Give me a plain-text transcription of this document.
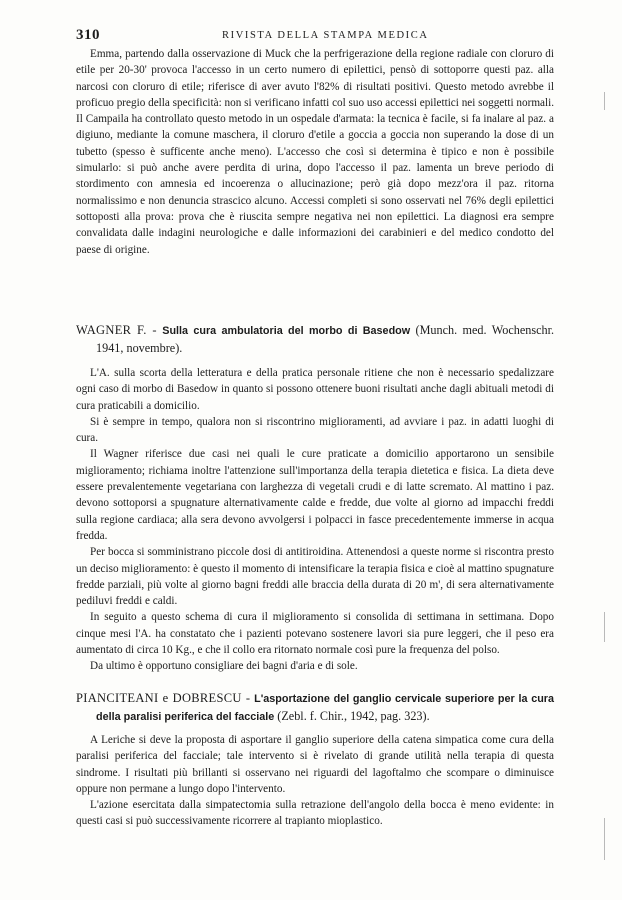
310	RIVISTA DELLA STAMPA MEDICA

Emma, partendo dalla osservazione di Muck che la perfrigerazione della regione radiale con cloruro di etile per 20-30' provoca l'accesso in un certo numero di epilettici, pensò di sottoporre questi paz. alla narcosi con cloruro di etile; riferisce di aver avuto l'82% di risultati positivi. Questo metodo avrebbe il proficuo pregio della specificità: non si verificano infatti col suo uso accessi epilettici nei soggetti normali. Il Campaila ha controllato questo metodo in un ospedale d'armata: la tecnica è facile, si fa inalare al paz. a digiuno, mediante la comune maschera, il cloruro d'etile a goccia a goccia non superando la dose di un tubetto (spesso è sufficente anche meno). L'accesso che così si determina è tipico e non è possibile simularlo: si può anche avere perdita di urina, dopo l'accesso il paz. lamenta un breve periodo di stordimento con amnesia ed incoerenza o allucinazione; però già dopo mezz'ora il paz. ritorna normalissimo e non denuncia strascico alcuno. Accessi completi si sono osservati nel 76% degli epilettici sottoposti alla prova: prova che è riuscita sempre negativa nei non epilettici. La diagnosi era sempre convalidata dalle indagini neurologiche e dalle informazioni dei carabinieri e del medico condotto del paese di origine.

WAGNER F. - Sulla cura ambulatoria del morbo di Basedow (Munch. med. Wochenschr. 1941, novembre).

L'A. sulla scorta della letteratura e della pratica personale ritiene che non è necessario spedalizzare ogni caso di morbo di Basedow in quanto si possono ottenere buoni risultati anche dagli abituali metodi di cura praticabili a domicilio.

Si è sempre in tempo, qualora non si riscontrino miglioramenti, ad avviare i paz. in adatti luoghi di cura.

Il Wagner riferisce due casi nei quali le cure praticate a domicilio apportarono un sensibile miglioramento; richiama inoltre l'attenzione sull'importanza della terapia dietetica e fisica. La dieta deve essere prevalentemente vegetariana con larghezza di vegetali crudi e di latte scremato. Al mattino i paz. devono sottoporsi a spugnature alternativamente calde e fredde, due volte al giorno ad impacchi freddi sulla regione cardiaca; alla sera devono avvolgersi i polpacci in fasce precedentemente immerse in acqua fredda.

Per bocca si somministrano piccole dosi di antitiroidina. Attenendosi a queste norme si riscontra presto un deciso miglioramento: è questo il momento di intensificare la terapia fisica e cioè al mattino spugnature fredde parziali, più volte al giorno bagni freddi alle braccia della durata di 20 m', di sera alternativamente pediluvi freddi e caldi.

In seguito a questo schema di cura il miglioramento si consolida di settimana in settimana. Dopo cinque mesi l'A. ha constatato che i pazienti potevano sostenere lavori sia pure leggeri, che il peso era aumentato di circa 10 Kg., e che il collo era ritornato normale così pure la frequenza del polso.

Da ultimo è opportuno consigliare dei bagni d'aria e di sole.

PIANCITEANI e DOBRESCU - L'asportazione del ganglio cervicale superiore per la cura della paralisi periferica del facciale (Zebl. f. Chir., 1942, pag. 323).

A Leriche si deve la proposta di asportare il ganglio superiore della catena simpatica come cura della paralisi periferica del facciale; tale intervento si è rivelato di grande utilità nella terapia di questa sindrome. I risultati più brillanti si osservano nei riguardi del lagoftalmo che scompare o diminuisce oppure non permane a lungo dopo l'intervento.

L'azione esercitata dalla simpatectomia sulla retrazione dell'angolo della bocca è meno evidente: in questi casi si può successivamente ricorrere al trapianto mioplastico.
